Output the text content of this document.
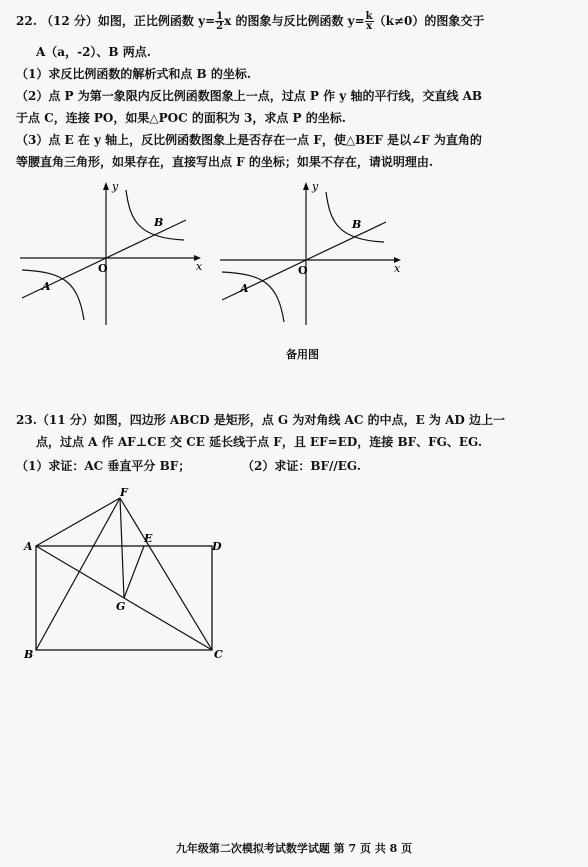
22. （12 分）如图，正比例函数 $y= \frac{1}{2}$ x 的图象与反比例函数 $y= \frac{k}{x} (k\ne 0)$的图象交于
A（a，-2）、B 两点.
（1）求反比例函数的解析式和点 B 的坐标.
（2）点 P 为第一象限内反比例函数图象上一点，过点 P 作 y 轴的平行线，交直线 AB
于点 C，连接 PO，如果△POC 的面积为 3，求点 P 的坐标.
（3）点 E 在 y 轴上，反比例函数图象上是否存在一点 F，使△BEF 是以∠F 为直角的
等腰直角三角形，如果存在，直接写出点 F 的坐标；如果不存在，请说明理由.
y
x
O
A
B
y
x
O
A
B
备用图
23.（11 分）如图，四边形 ABCD 是矩形，点 G 为对角线 AC 的中点，E 为 AD 边上一
点，过点 A 作 AF⊥CE 交 CE 延长线于点 F，且 EF=ED，连接 BF、FG、EG.
（1）求证：AC 垂直平分 BF；	（2）求证：BF//EG.
F
A
E
D
G
B	C
九年级第二次模拟考试数学试题 第 7 页 共 8 页
